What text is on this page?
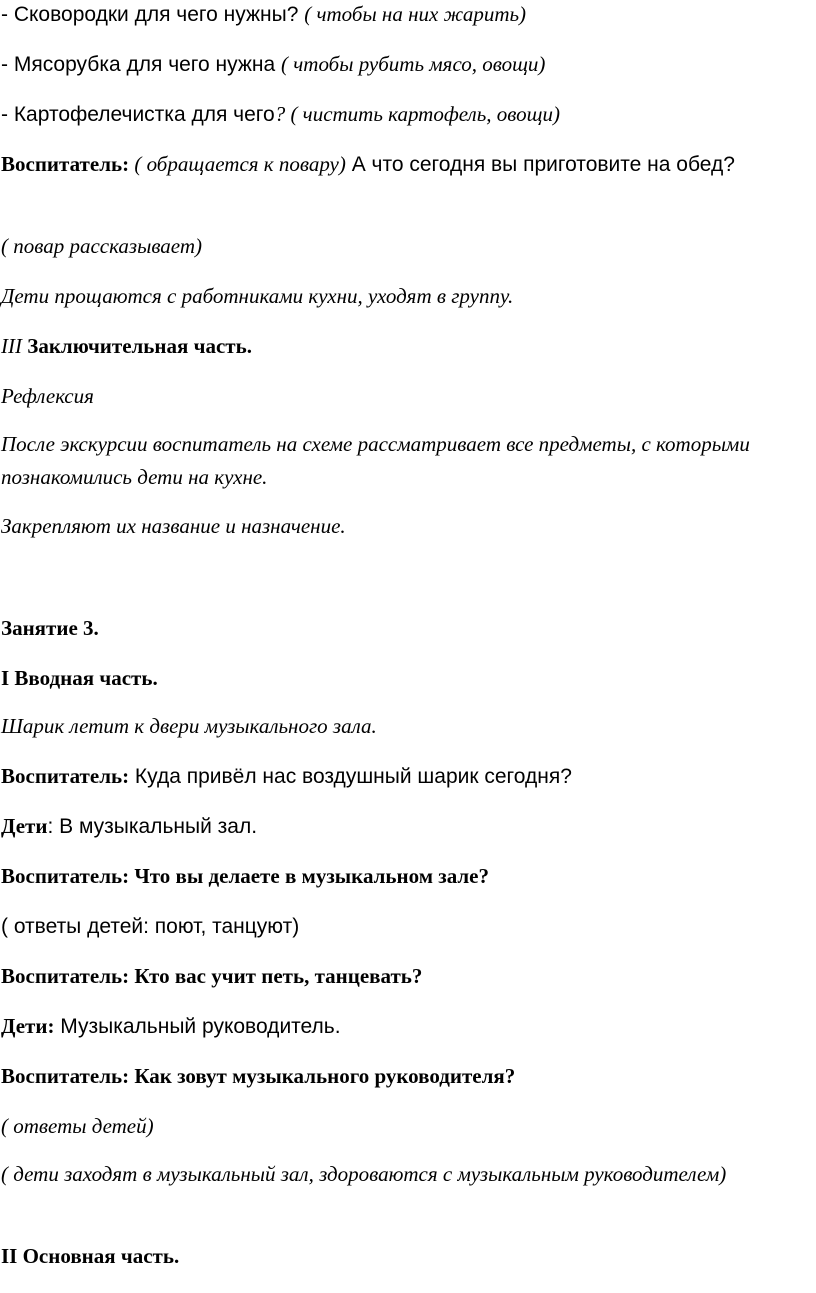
- Сковородки для чего нужны? ( чтобы на них жарить)

- Мясорубка для чего нужна ( чтобы рубить мясо, овощи)

- Картофелечистка для чего? ( чистить картофель, овощи)

Воспитатель: ( обращается к повару) А что сегодня вы приготовите на обед?

( повар рассказывает)

Дети прощаются с работниками кухни, уходят в группу.

III Заключительная часть.

Рефлексия

После экскурсии воспитатель на схеме рассматривает все предметы, с которыми познакомились дети на кухне.

Закрепляют их название и назначение.

Занятие 3.

I Вводная часть.

Шарик летит к двери музыкального зала.

Воспитатель: Куда привёл нас воздушный шарик сегодня?

Дети: В музыкальный зал.

Воспитатель: Что вы делаете в музыкальном зале?

( ответы детей: поют, танцуют)

Воспитатель: Кто вас учит петь, танцевать?

Дети: Музыкальный руководитель.

Воспитатель: Как зовут музыкального руководителя?

( ответы детей)

( дети заходят в музыкальный зал, здороваются с музыкальным руководителем)

II Основная часть.
